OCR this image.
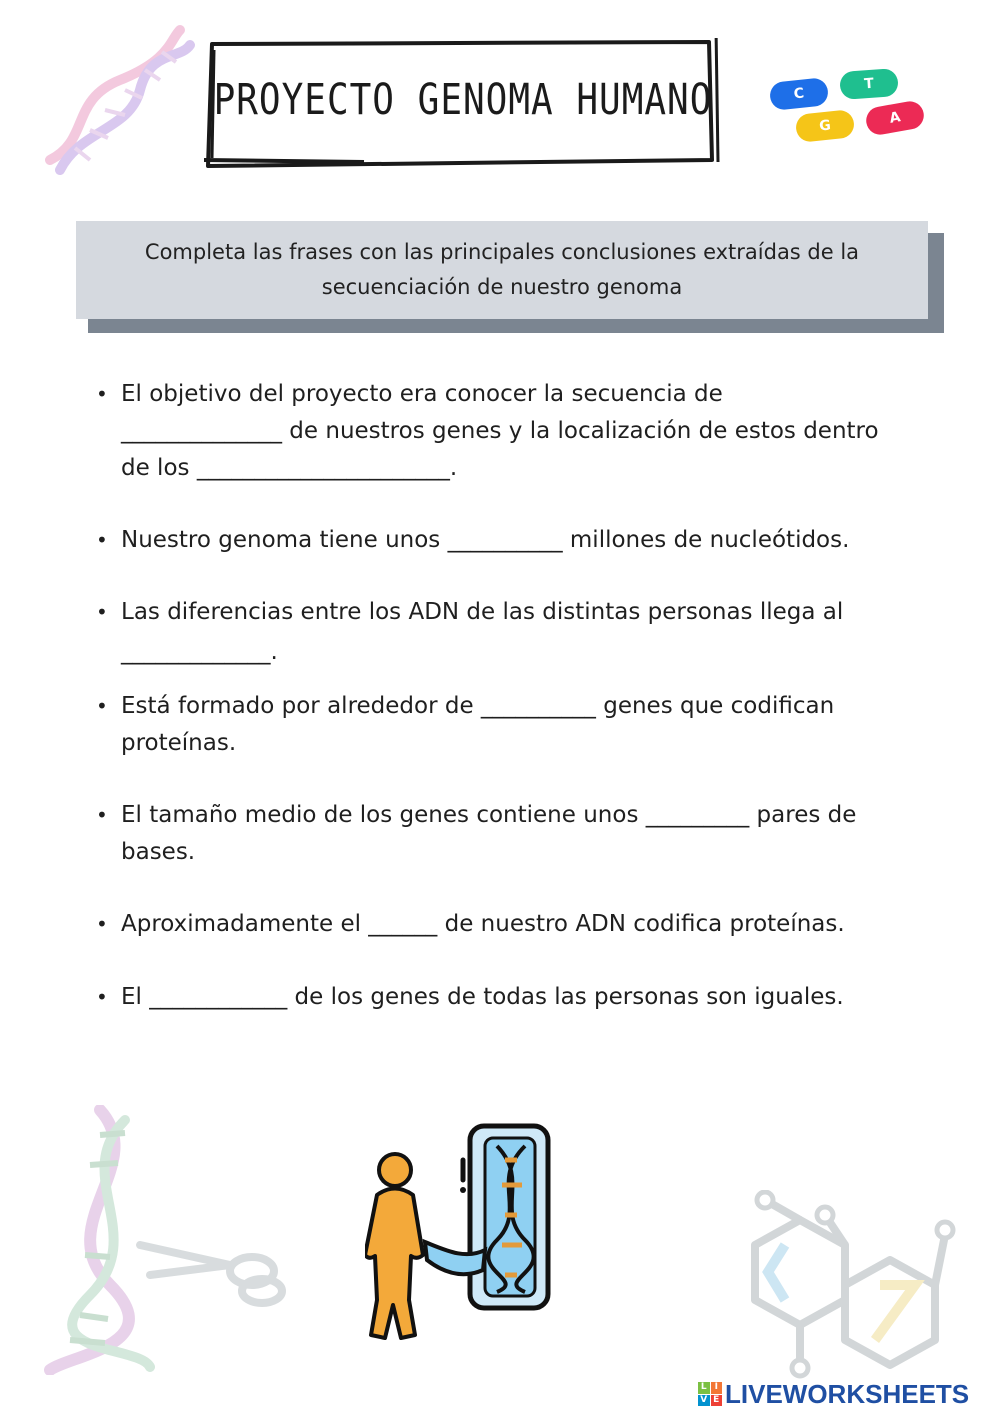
PROYECTO GENOMA HUMANO	C
T
G	A

Completa las frases con las principales conclusiones extraídas de la secuenciación de nuestro genoma

• El objetivo del proyecto era conocer la secuencia de
______________ de nuestros genes y la localización de estos dentro
de los ______________________.
• Nuestro genoma tiene unos __________ millones de nucleótidos.
• Las diferencias entre los ADN de las distintas personas llega al
_____________.
• Está formado por alrededor de __________ genes que codifican
proteínas.
• El tamaño medio de los genes contiene unos _________ pares de
bases.
• Aproximadamente el ______ de nuestro ADN codifica proteínas.
• El ____________ de los genes de todas las personas son iguales.
L I
V E LIVEWORKSHEETS
